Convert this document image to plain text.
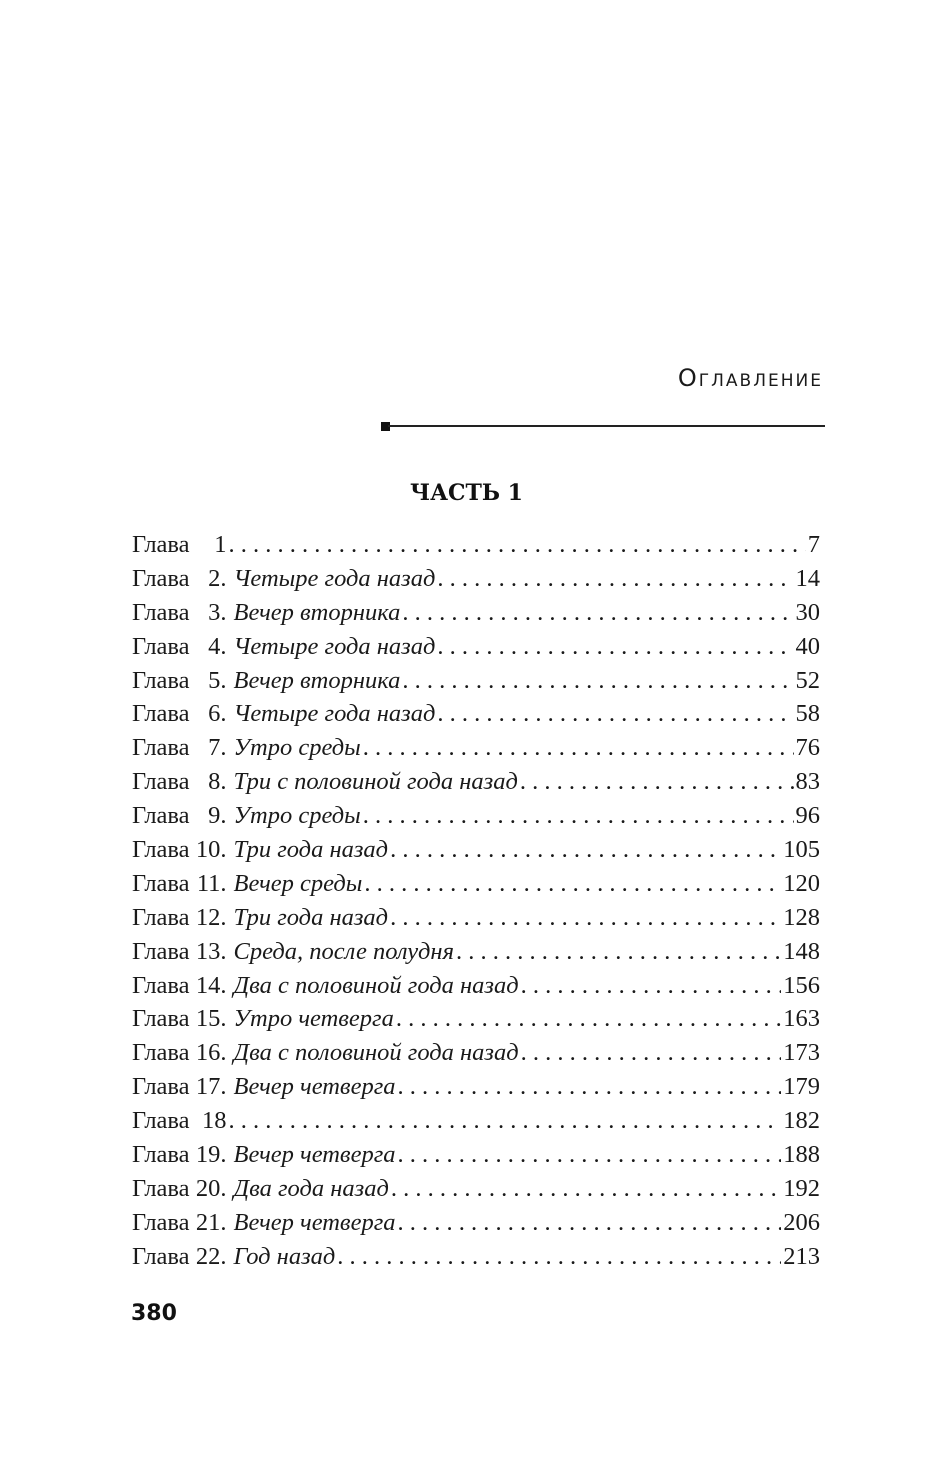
Оглавление
ЧАСТЬ 1
Глава	1 . . .	7
Глава 2. Четыре года назад . . .	14
Глава 3. Вечер вторника . . .	30
Глава 4. Четыре года назад . . .	40
Глава 5. Вечер вторника . . .	52
Глава 6. Четыре года назад . . .	58
Глава 7. Утро среды . . .	76
Глава 8. Три с половиной года назад . . .	83
Глава 9. Утро среды . . .	96
Глава 10. Три года назад . . .	105
Глава 11. Вечер среды . . .	120
Глава 12. Три года назад . . .	128
Глава 13. Среда, после полудня . . .	148
Глава 14. Два с половиной года назад . . .	156
Глава 15. Утро четверга . . .	163
Глава 16. Два с половиной года назад . . .	173
Глава 17. Вечер четверга . . .	179
Глава 18 . . .	182
Глава 19. Вечер четверга . . .	188
Глава 20. Два года назад . . .	192
Глава 21. Вечер четверга . . .	206
Глава 22. Год назад . . .	213
380
